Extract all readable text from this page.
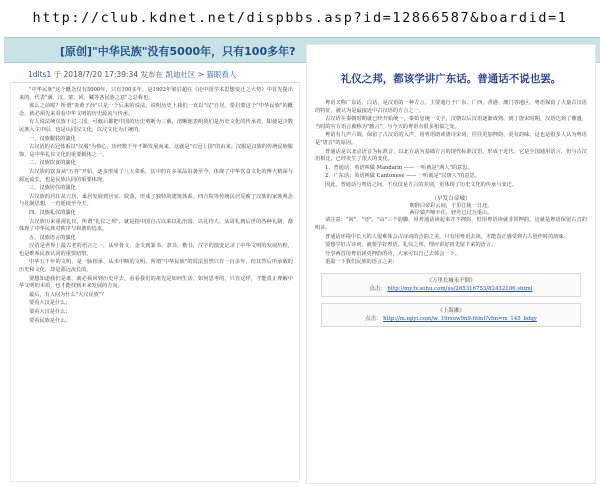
http://club.kdnet.net/dispbbs.asp?id=12866587&boardid=1
[原创]"中华民族"没有5000年，只有100多年?
1dlts1 于 2018/7/20 17:39:34 发布在 凯迪社区 > 猫眼看人

"中华民族"这个概念仅有5000年，只有100多年，是1902年梁启超在《论中国学术思想变迁之大势》中首先提出来的。代表"满、汉、蒙、回、藏等各民族之意"之总称也。

那么之前呢？所谓"炎黄子孙"只是一个后来的说法，说明历史上我们一直以"汉"自居。要启蒙这个"中华民族"的概念，就必须先来看看中华文明的历史源流与传承。

有人说法统汉族不过三国，可截后都把中国的历史剪断为三截，清晰地表明我们是历史文化的传承者，即使是少数民族入主中原，也是认同汉文化，以汉文化为正统的。

一、汉族服装的演化

古汉语的衣冠体系以"汉服"为核心，历经数千年不断发展而来。这就是"衣冠上国"的由来。汉服是汉族的传统民族服饰，是中华礼仪文化的重要载体之一。

二、汉族饮食的演化

古汉族的饮食从"五谷"开始，逐步形成了八大菜系，其中的许多菜品沿袭至今，体现了中华饮食文化的博大精深与源远流长，也是民族认同的重要体现。

三、汉族居住的演化

古汉族的居住从穴居、巢居发展到宫室、院落，形成了独特的建筑体系。四合院等传统民居反映了汉族的家族观念与礼制思想，一直延续至今天。

四、汉族礼仪的演化

古汉族历来重视礼仪，所谓"礼仪之邦"，就是指中国自古以来以礼治国、以礼待人。从周礼到后世的各种礼制，都体现了中华民族对秩序与和谐的追求。

五、汉族语言的演化

汉语是世界上最古老的语言之一，从甲骨文、金文到篆书、隶书、楷书，汉字的演变记录了中华文明的发展历程，也是维系民族认同的重要纽带。

中华五千年的文明，是一脉相承、从未中断的文明。所谓"中华民族"的说法虽然只有一百多年，但其背后所承载的历史和文化，却是源远流长的。

要想知道我们是谁，就必须回到历史中去，看看我们的祖先是如何生活、如何思考的。只有这样，才能真正理解中华文明的本质，也才能找到未来发展的方向。

最后，有人问为什么"大汉民族"？

要看大汉是什么；

要看大汉是什么；

要看民族是什么。

礼仪之邦，都该学讲广东话。普通话不说也罢。

粤语又称广东话、白话，是汉语的一种方言，主要通行于广东、广西、香港、澳门等地区。粤语保留了大量古汉语的特征，被认为是最接近中古汉语的方言之一。

古汉语在秦朝时期就已经开始统一，秦始皇统一文字，汉朝以后汉语逐渐成熟。到了唐宋时期，汉语达到了鼎盛，当时的官方语言被称为"雅言"，与今天的粤语有很多相似之处。

粤语有九声六调，保留了古汉语的入声，用粤语朗读唐诗宋词，往往更加押韵、更有韵味。这也是很多人认为粤语是"唐音"的原因。

普通话是以北京语音为标准音、以北方话为基础方言的现代标准汉语，形成于近代。它是全国通用语言，但与古汉语相比，已经发生了很大的变化。

1、普通话：英语叫做 Mandarin —— 一听就是"满人"的意思。

2、广东话：英语叫做 Cantonese —— 一听就是"汉唐人"的意思。

因此，普通话与粤语之间，不仅仅是方言的差别，更体现了历史文化的传承与变迁。

（早发白帝城）
朝辞白帝彩云间，千里江陵一日还。
两岸猿声啼不住，轻舟已过万重山。

请注意："间"、"还"、"山"三个韵脚，用普通话读起来并不押韵，但用粤语读就非常押韵。这就是粤语保留古音的明证。

普通话环境中长大的人很难体会古诗词的音韵之美，只有用粤语去读，才能真正感受到古人创作时的韵味。

要想学好古诗词，就要学好粤语。礼仪之邦，理应讲好祖先留下来的语言。

分享两首用粤语读更押韵的诗，大家可以自己去体会一下。

重温一下我们民族的语言之美：

《万里长城永不倒》
点击： http://my.tv.sohu.com/us/265316753/82432106.shtml
《上海滩》
点击： http://m.iqiyi.com/w_19rsow9n9.html?vfm=m_145_bdqy
